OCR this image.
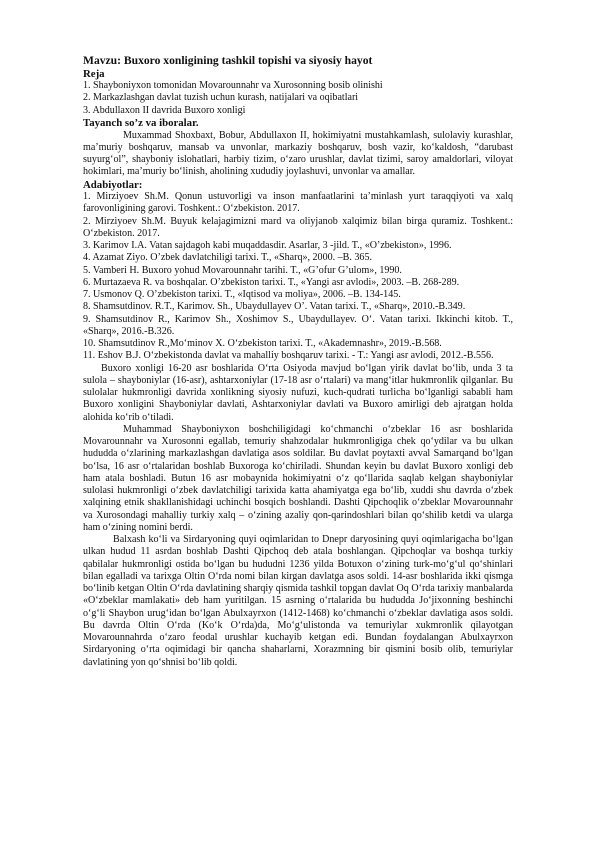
Mavzu: Buxoro xonligining tashkil topishi va siyosiy hayot
Reja
1. Shayboniyxon tomonidan Movarounnahr va Xurosonning bosib olinishi
2. Markazlashgan davlat tuzish uchun kurash, natijalari va oqibatlari
3. Abdullaxon II davrida Buxoro xonligi
Tayanch so’z va iboralar.
Muxammad Shoxbaxt, Bobur, Abdullaxon II, hokimiyatni mustahkamlash, sulolaviy kurashlar, ma’muriy boshqaruv, mansab va unvonlar, markaziy boshqaruv, bosh vazir, ko‘kaldosh, “darubast suyurg‘ol”, shayboniy islohatlari, harbiy tizim, o‘zaro urushlar, davlat tizimi, saroy amaldorlari, viloyat hokimlari, ma’muriy bo‘linish, aholining xududiy joylashuvi, unvonlar va amallar.
Adabiyotlar:
1. Mirziyoev Sh.M. Qonun ustuvorligi va inson manfaatlarini ta’minlash yurt taraqqiyoti va xalq farovonligining garovi. Toshkent.: O‘zbekiston. 2017.
2. Mirziyoev Sh.M. Buyuk kelajagimizni mard va oliyjanob xalqimiz bilan birga quramiz. Toshkent.: O‘zbekiston. 2017.
3. Karimov I.A. Vatan sajdagoh kabi muqaddasdir. Asarlar, 3 -jild. T., «O’zbekiston», 1996.
4. Azamat Ziyo. O’zbek davlatchiligi tarixi. T., «Sharq», 2000. –B. 365.
5. Vamberi H. Buxoro yohud Movarounnahr tarihi. T., «G’ofur G’ulom», 1990.
6. Murtazaeva R. va boshqalar. O’zbekiston tarixi. T., «Yangi asr avlodi», 2003. –B. 268-289.
7. Usmonov Q. O’zbekiston tarixi. T., «Iqtisod va moliya», 2006. –B. 134-145.
8. Shamsutdinov. R.T., Karimov. Sh., Ubaydullayev O’. Vatan tarixi. T., «Sharq», 2010.-B.349.
9. Shamsutdinov R., Karimov Sh., Xoshimov S., Ubaydullayev. O‘. Vatan tarixi. Ikkinchi kitob. T., «Sharq», 2016.-B.326.
10. Shamsutdinov R.,Mo‘minov X. O‘zbekiston tarixi. T., «Akademnashr», 2019.-B.568.
11. Eshov B.J. O‘zbekistonda davlat va mahalliy boshqaruv tarixi. - T.: Yangi asr avlodi, 2012.-B.556.
Buxoro xonligi 16-20 asr boshlarida O‘rta Osiyoda mavjud bo‘lgan yirik davlat bo‘lib, unda 3 ta sulola – shayboniylar (16-asr), ashtarxoniylar (17-18 asr o‘rtalari) va mang‘itlar hukmronlik qilganlar. Bu sulolalar hukmronligi davrida xonlikning siyosiy nufuzi, kuch-qudrati turlicha bo‘lganligi sababli ham Buxoro xonligini Shayboniylar davlati, Ashtarxoniylar davlati va Buxoro amirligi deb ajratgan holda alohida ko‘rib o‘tiladi.
Muhammad Shayboniyxon boshchiligidagi ko‘chmanchi o‘zbeklar 16 asr boshlarida Movarounnahr va Xurosonni egallab, temuriy shahzodalar hukmronligiga chek qo‘ydilar va bu ulkan hududda o‘zlarining markazlashgan davlatiga asos soldilar. Bu davlat poytaxti avval Samarqand bo‘lgan bo‘lsa, 16 asr o‘rtalaridan boshlab Buxoroga ko‘chiriladi. Shundan keyin bu davlat Buxoro xonligi deb ham atala boshladi. Butun 16 asr mobaynida hokimiyatni o‘z qo‘llarida saqlab kelgan shayboniylar sulolasi hukmronligi o‘zbek davlatchiligi tarixida katta ahamiyatga ega bo‘lib, xuddi shu davrda o‘zbek xalqining etnik shakllanishidagi uchinchi bosqich boshlandi. Dashti Qipchoqlik o‘zbeklar Movarounnahr va Xurosondagi mahalliy turkiy xalq – o‘zining azaliy qon-qarindoshlari bilan qo‘shilib ketdi va ularga ham o‘zining nomini berdi.
Balxash ko‘li va Sirdaryoning quyi oqimlaridan to Dnepr daryosining quyi oqimlarigacha bo‘lgan ulkan hudud 11 asrdan boshlab Dashti Qipchoq deb atala boshlangan. Qipchoqlar va boshqa turkiy qabilalar hukmronligi ostida bo‘lgan bu hududni 1236 yilda Botuxon o‘zining turk-mo‘g‘ul qo‘shinlari bilan egalladi va tarixga Oltin O‘rda nomi bilan kirgan davlatga asos soldi. 14-asr boshlarida ikki qismga bo‘linib ketgan Oltin O‘rda davlatining sharqiy qismida tashkil topgan davlat Oq O‘rda tarixiy manbalarda «O‘zbeklar mamlakati» deb ham yuritilgan. 15 asrning o‘rtalarida bu hududda Jo‘jixonning beshinchi o‘g‘li Shaybon urug‘idan bo‘lgan Abulxayrxon (1412-1468) ko‘chmanchi o‘zbeklar davlatiga asos soldi. Bu davrda Oltin O‘rda (Ko‘k O‘rda)da, Mo‘g‘ulistonda va temuriylar xukmronlik qilayotgan Movarounnahrda o‘zaro feodal urushlar kuchayib ketgan edi. Bundan foydalangan Abulxayrxon Sirdaryoning o‘rta oqimidagi bir qancha shaharlarni, Xorazmning bir qismini bosib olib, temuriylar davlatining yon qo‘shnisi bo‘lib qoldi.
